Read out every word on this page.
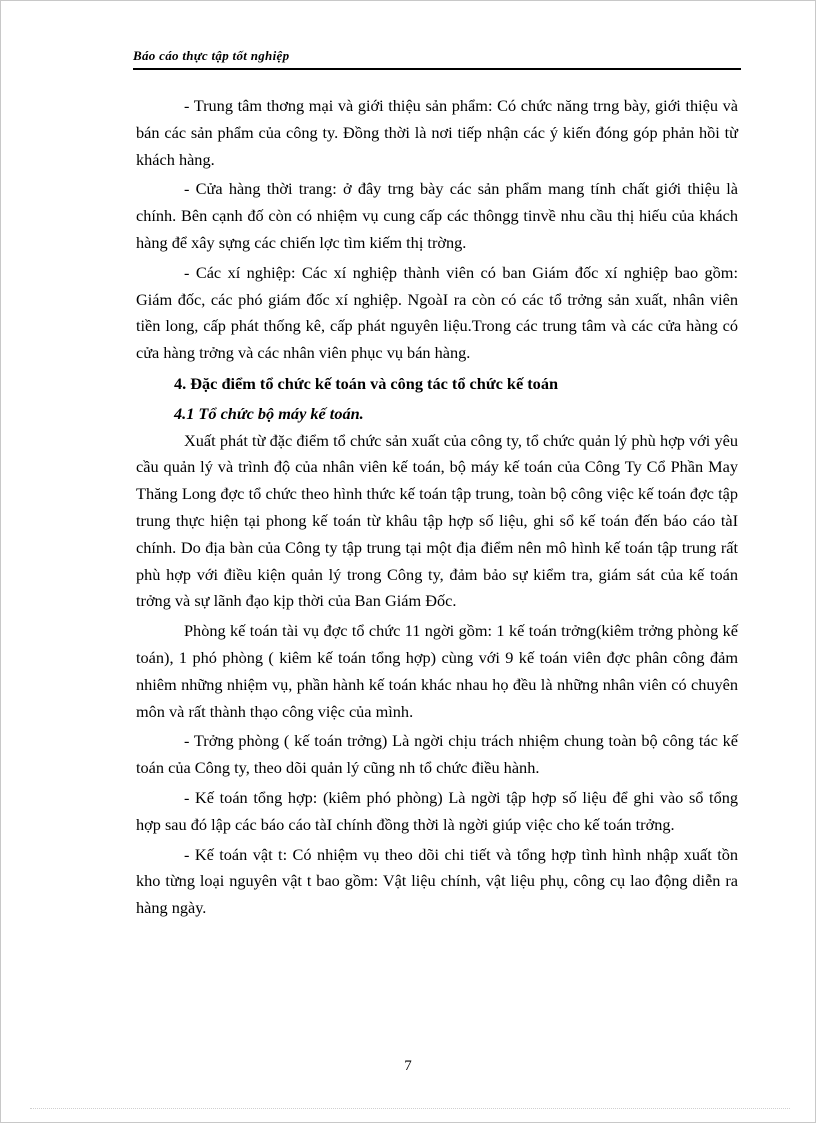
Báo cáo thực tập tốt nghiệp

- Trung tâm thơng mại và giới thiệu sản phẩm: Có chức năng trng bày, giới thiệu và bán các sản phẩm của công ty. Đồng thời là nơi tiếp nhận các ý kiến đóng góp phản hồi từ khách hàng.

- Cửa hàng thời trang: ở đây trng bày các sản phẩm mang tính chất giới thiệu là chính. Bên cạnh đố còn có nhiệm vụ cung cấp các thôngg tinvề nhu cầu thị hiếu của khách hàng để xây sựng các chiến lợc tìm kiếm thị trờng.

- Các xí nghiệp: Các xí nghiệp thành viên có ban Giám đốc xí nghiệp bao gồm: Giám đốc, các phó giám đốc xí nghiệp. NgoàI ra còn có các tổ trởng sản xuất, nhân viên tiền long, cấp phát thống kê, cấp phát nguyên liệu.Trong các trung tâm và các cửa hàng có cửa hàng trởng và các nhân viên phục vụ bán hàng.

4. Đặc điểm tổ chức kế toán và công tác tổ chức kế toán
4.1 Tổ chức bộ máy kế toán.

Xuất phát từ đặc điểm tổ chức sản xuất của công ty, tổ chức quản lý phù hợp với yêu cầu quản lý và trình độ của nhân viên kế toán, bộ máy kế toán của Công Ty Cổ Phần May Thăng Long đợc tổ chức theo hình thức kế toán tập trung, toàn bộ công việc kế toán đợc tập trung thực hiện tại phong kế toán từ khâu tập hợp số liệu, ghi sổ kế toán đến báo cáo tàI chính. Do địa bàn của Công ty tập trung tại một địa điểm nên mô hình kế toán tập trung rất phù hợp với điều kiện quản lý trong Công ty, đảm bảo sự kiểm tra, giám sát của kế toán trởng và sự lãnh đạo kịp thời của Ban Giám Đốc.

Phòng kế toán tài vụ đợc tổ chức 11 ngời gồm: 1 kế toán trởng(kiêm trởng phòng kế toán), 1 phó phòng ( kiêm kế toán tổng hợp) cùng với 9 kế toán viên đợc phân công đảm nhiêm những nhiệm vụ, phần hành kế toán khác nhau họ đều là những nhân viên có chuyên môn và rất thành thạo công việc của mình.

- Trởng phòng ( kế toán trởng) Là ngời chịu trách nhiệm chung toàn bộ công tác kế toán của Công ty, theo dõi quản lý cũng nh tổ chức điều hành.

- Kế toán tổng hợp: (kiêm phó phòng) Là ngời tập hợp số liệu để ghi vào sổ tổng hợp sau đó lập các báo cáo tàI chính đồng thời là ngời giúp việc cho kế toán trởng.

- Kế toán vật t: Có nhiệm vụ theo dõi chi tiết và tổng hợp tình hình nhập xuất tồn kho từng loại nguyên vật t bao gồm: Vật liệu chính, vật liệu phụ, công cụ lao động diễn ra hàng ngày.

7
